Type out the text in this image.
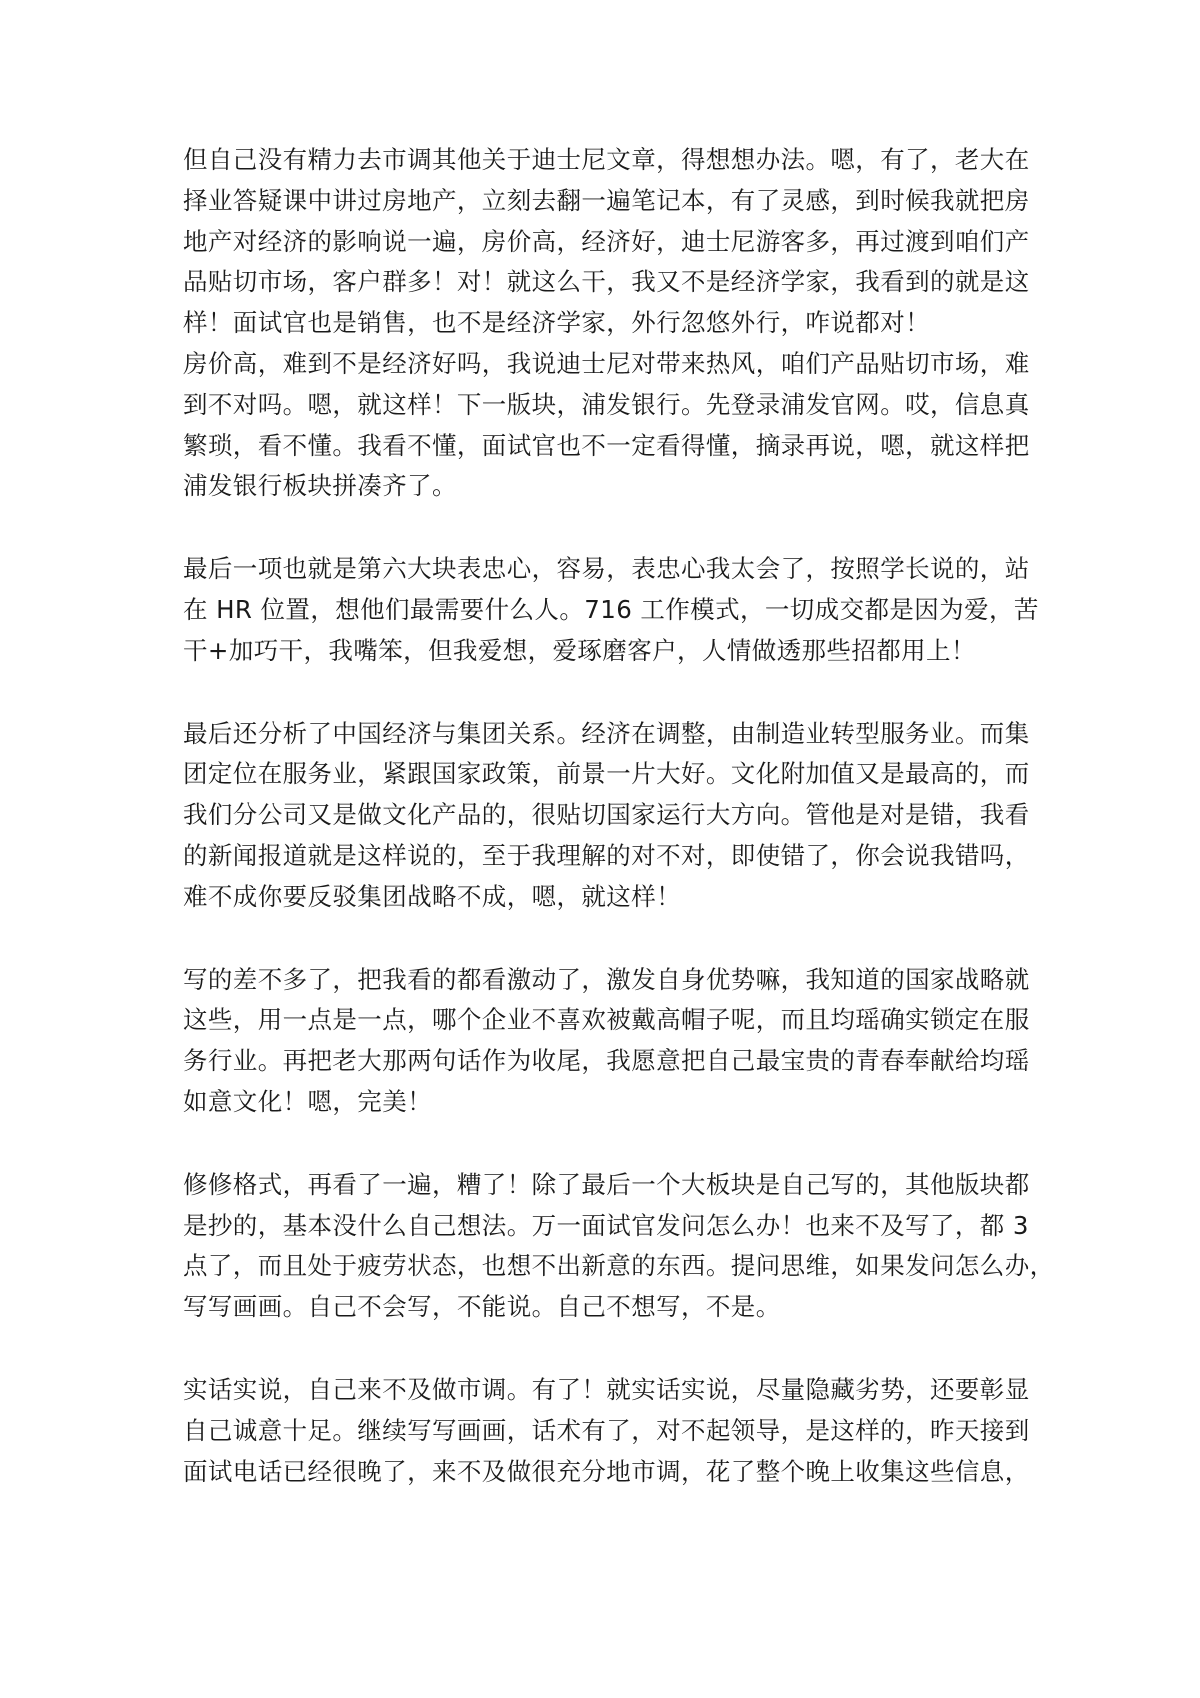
但自己没有精力去市调其他关于迪士尼文章，得想想办法。嗯，有了，老大在
择业答疑课中讲过房地产，立刻去翻一遍笔记本，有了灵感，到时候我就把房
地产对经济的影响说一遍，房价高，经济好，迪士尼游客多，再过渡到咱们产
品贴切市场，客户群多！对！就这么干，我又不是经济学家，我看到的就是这
样！面试官也是销售，也不是经济学家，外行忽悠外行，咋说都对！
房价高，难到不是经济好吗，我说迪士尼对带来热风，咱们产品贴切市场，难
到不对吗。嗯，就这样！下一版块，浦发银行。先登录浦发官网。哎，信息真
繁琐，看不懂。我看不懂，面试官也不一定看得懂，摘录再说，嗯，就这样把
浦发银行板块拼凑齐了。
最后一项也就是第六大块表忠心，容易，表忠心我太会了，按照学长说的，站
在 HR 位置，想他们最需要什么人。716 工作模式，一切成交都是因为爱，苦
干+加巧干，我嘴笨，但我爱想，爱琢磨客户，人情做透那些招都用上！
最后还分析了中国经济与集团关系。经济在调整，由制造业转型服务业。而集
团定位在服务业，紧跟国家政策，前景一片大好。文化附加值又是最高的，而
我们分公司又是做文化产品的，很贴切国家运行大方向。管他是对是错，我看
的新闻报道就是这样说的，至于我理解的对不对，即使错了，你会说我错吗，
难不成你要反驳集团战略不成，嗯，就这样！
写的差不多了，把我看的都看激动了，激发自身优势嘛，我知道的国家战略就
这些，用一点是一点，哪个企业不喜欢被戴高帽子呢，而且均瑶确实锁定在服
务行业。再把老大那两句话作为收尾，我愿意把自己最宝贵的青春奉献给均瑶
如意文化！嗯，完美！
修修格式，再看了一遍，糟了！除了最后一个大板块是自己写的，其他版块都
是抄的，基本没什么自己想法。万一面试官发问怎么办！也来不及写了，都 3
点了，而且处于疲劳状态，也想不出新意的东西。提问思维，如果发问怎么办，
写写画画。自己不会写，不能说。自己不想写，不是。
实话实说，自己来不及做市调。有了！就实话实说，尽量隐藏劣势，还要彰显
自己诚意十足。继续写写画画，话术有了，对不起领导，是这样的，昨天接到
面试电话已经很晚了，来不及做很充分地市调，花了整个晚上收集这些信息，
